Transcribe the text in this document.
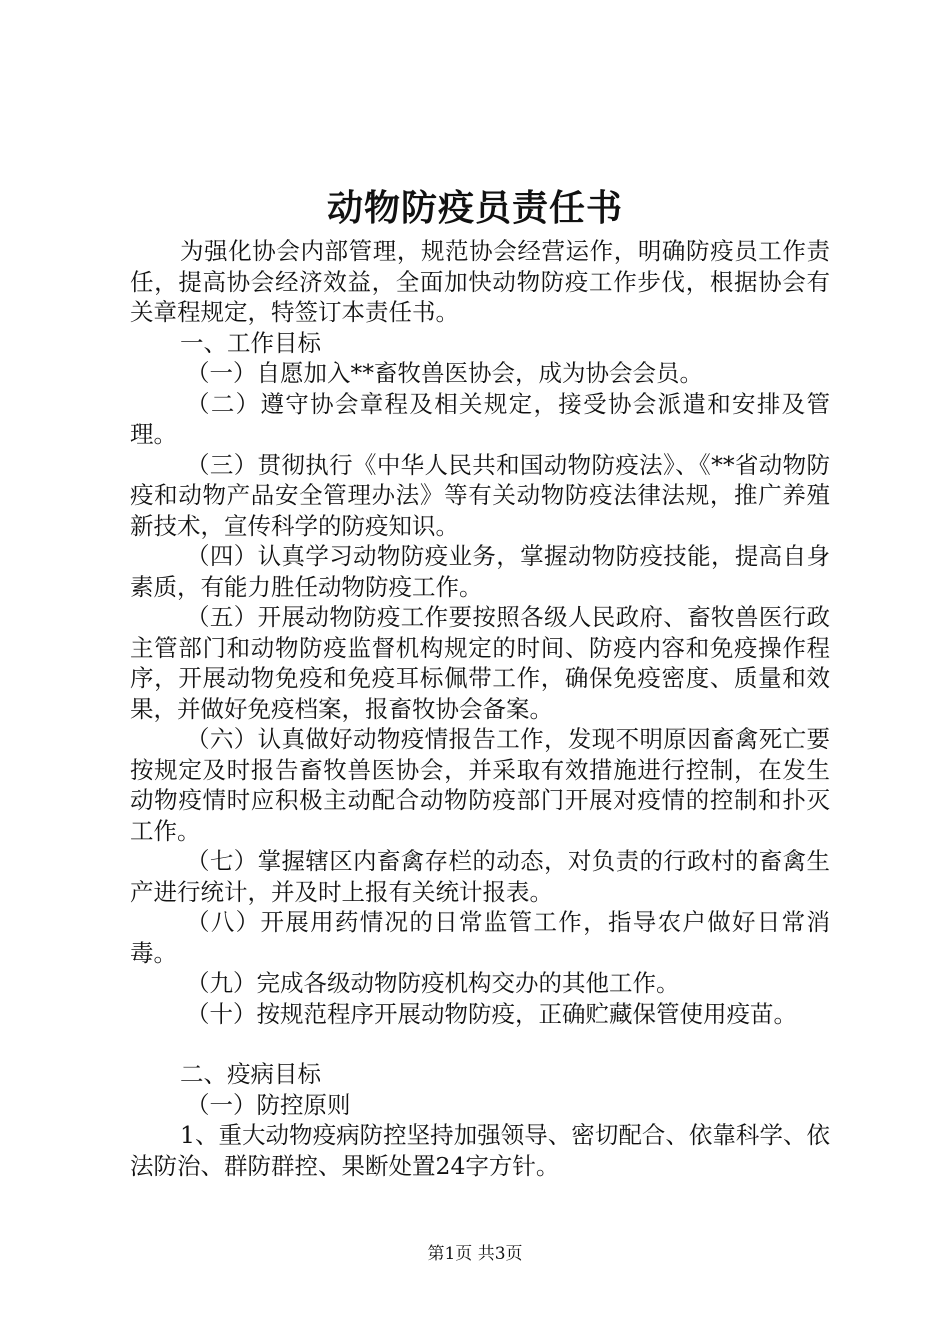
动物防疫员责任书

为强化协会内部管理，规范协会经营运作，明确防疫员工作责任，提高协会经济效益，全面加快动物防疫工作步伐，根据协会有关章程规定，特签订本责任书。

一、工作目标

（一）自愿加入**畜牧兽医协会，成为协会会员。

（二）遵守协会章程及相关规定，接受协会派遣和安排及管理。

（三）贯彻执行《中华人民共和国动物防疫法》、《**省动物防疫和动物产品安全管理办法》等有关动物防疫法律法规，推广养殖新技术，宣传科学的防疫知识。

（四）认真学习动物防疫业务，掌握动物防疫技能，提高自身素质，有能力胜任动物防疫工作。

（五）开展动物防疫工作要按照各级人民政府、畜牧兽医行政主管部门和动物防疫监督机构规定的时间、防疫内容和免疫操作程序，开展动物免疫和免疫耳标佩带工作，确保免疫密度、质量和效果，并做好免疫档案，报畜牧协会备案。

（六）认真做好动物疫情报告工作，发现不明原因畜禽死亡要按规定及时报告畜牧兽医协会，并采取有效措施进行控制，在发生动物疫情时应积极主动配合动物防疫部门开展对疫情的控制和扑灭工作。

（七）掌握辖区内畜禽存栏的动态，对负责的行政村的畜禽生产进行统计，并及时上报有关统计报表。

（八）开展用药情况的日常监管工作，指导农户做好日常消毒。

（九）完成各级动物防疫机构交办的其他工作。

（十）按规范程序开展动物防疫，正确贮藏保管使用疫苗。

二、疫病目标

（一）防控原则

1、重大动物疫病防控坚持加强领导、密切配合、依靠科学、依法防治、群防群控、果断处置24字方针。

第1页 共3页
